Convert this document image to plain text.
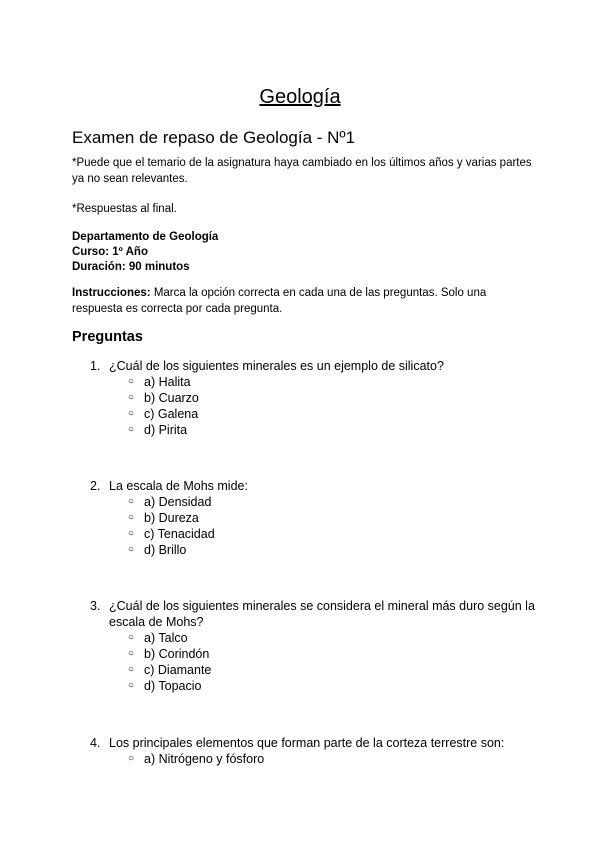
Geología
Examen de repaso de Geología - Nº1
*Puede que el temario de la asignatura haya cambiado en los últimos años y varias partes ya no sean relevantes.
*Respuestas al final.
Departamento de Geología
Curso: 1º Año
Duración: 90 minutos
Instrucciones: Marca la opción correcta en cada una de las preguntas. Solo una respuesta es correcta por cada pregunta.
Preguntas
1. ¿Cuál de los siguientes minerales es un ejemplo de silicato?
○ a) Halita
○ b) Cuarzo
○ c) Galena
○ d) Pirita
2. La escala de Mohs mide:
○ a) Densidad
○ b) Dureza
○ c) Tenacidad
○ d) Brillo
3. ¿Cuál de los siguientes minerales se considera el mineral más duro según la escala de Mohs?
○ a) Talco
○ b) Corindón
○ c) Diamante
○ d) Topacio
4. Los principales elementos que forman parte de la corteza terrestre son:
○ a) Nitrógeno y fósforo
